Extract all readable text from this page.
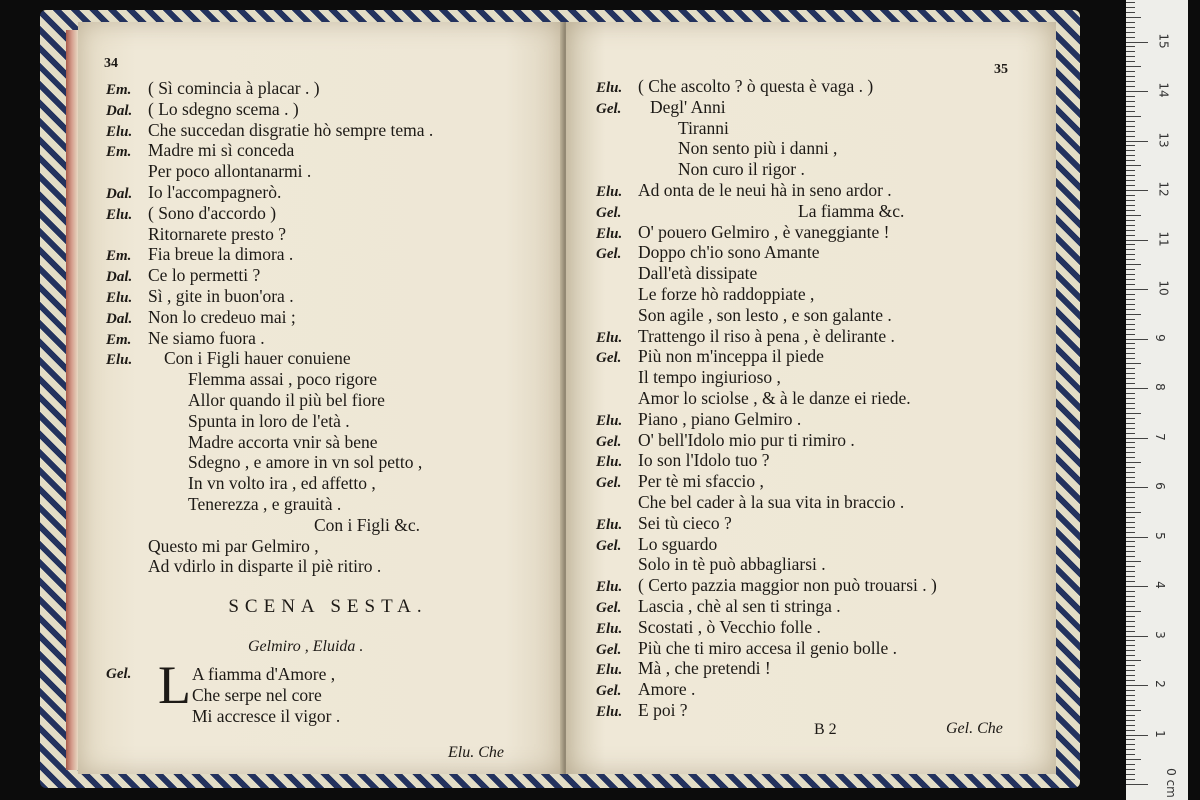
34
Em. ( Sì comincia à placar . )
Dal. ( Lo sdegno scema . )
Elu. Che succedan disgratie hò sempre tema .
Em. Madre mi sì conceda
Per poco allontanarmi .
Dal. Io l'accompagnerò.
Elu. ( Sono d'accordo )
Ritornarete presto ?
Em. Fia breue la dimora .
Dal. Ce lo permetti ?
Elu. Sì , gite in buon'ora .
Dal. Non lo credeuo mai ;
Em. Ne siamo fuora .
Elu. Con i Figli hauer conuiene
Flemma assai , poco rigore
Allor quando il più bel fiore
Spunta in loro de l'età .
Madre accorta vnir sà bene
Sdegno , e amore in vn sol petto ,
In vn volto ira , ed affetto ,
Tenerezza , e grauità .
Con i Figli &c.
Questo mi par Gelmiro ,
Ad vdirlo in disparte il piè ritiro .
SCENA SESTA.
Gelmiro , Eluida .
Gel. L A fiamma d'Amore ,
Che serpe nel core
Mi accresce il vigor .
Elu. Che
35
Elu. ( Che ascolto ? ò questa è vaga . )
Gel. Degl' Anni
Tiranni
Non sento più i danni ,
Non curo il rigor .
Elu. Ad onta de le neui hà in seno ardor .
Gel.	La fiamma &c.
Elu. O' pouero Gelmiro , è vaneggiante !
Gel. Doppo ch'io sono Amante
Dall'età dissipate
Le forze hò raddoppiate ,
Son agile , son lesto , e son galante .
Elu. Trattengo il riso à pena , è delirante .
Gel. Più non m'inceppa il piede
Il tempo ingiurioso ,
Amor lo sciolse , & à le danze ei riede.
Elu. Piano , piano Gelmiro .
Gel. O' bell'Idolo mio pur ti rimiro .
Elu. Io son l'Idolo tuo ?
Gel. Per tè mi sfaccio ,
Che bel cader à la sua vita in braccio .
Elu. Sei tù cieco ?
Gel. Lo sguardo
Solo in tè può abbagliarsi .
Elu. ( Certo pazzia maggior non può trouarsi . )
Gel. Lascia , chè al sen ti stringa .
Elu. Scostati , ò Vecchio folle .
Gel. Più che ti miro accesa il genio bolle .
Elu. Mà , che pretendi !
Gel. Amore .
Elu. E poi ?
B 2	Gel. Che
15
14
13
12
11
10
9
8
7
6
5
4
3
2
1
0 cm
